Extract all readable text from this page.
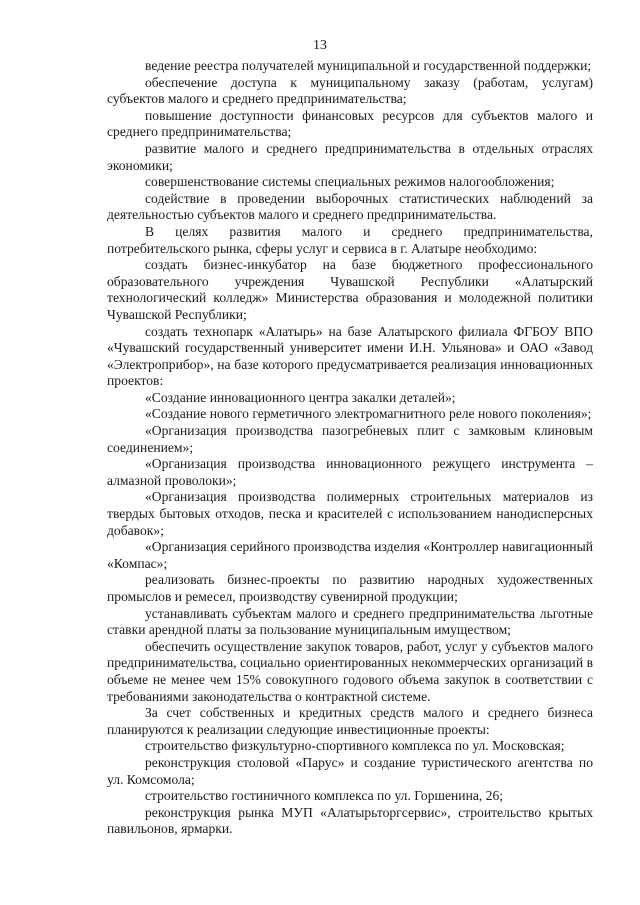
13

ведение реестра получателей муниципальной и государственной поддержки;

обеспечение доступа к муниципальному заказу (работам, услугам) субъектов малого и среднего предпринимательства;

повышение доступности финансовых ресурсов для субъектов малого и среднего предпринимательства;

развитие малого и среднего предпринимательства в отдельных отраслях экономики;

совершенствование системы специальных режимов налогообложения;

содействие в проведении выборочных статистических наблюдений за деятельностью субъектов малого и среднего предпринимательства.

В целях развития малого и среднего предпринимательства, потребительского рынка, сферы услуг и сервиса в г. Алатыре необходимо:

создать бизнес-инкубатор на базе бюджетного профессионального образовательного учреждения Чувашской Республики «Алатырский технологический колледж» Министерства образования и молодежной политики Чувашской Республики;

создать технопарк «Алатырь» на базе Алатырского филиала ФГБОУ ВПО «Чувашский государственный университет имени И.Н. Ульянова» и ОАО «Завод «Электроприбор», на базе которого предусматривается реализация инновационных проектов:

«Создание инновационного центра закалки деталей»;

«Создание нового герметичного электромагнитного реле нового поколения»;

«Организация производства пазогребневых плит с замковым клиновым соединением»;

«Организация производства инновационного режущего инструмента – алмазной проволоки»;

«Организация производства полимерных строительных материалов из твердых бытовых отходов, песка и красителей с использованием нанодисперсных добавок»;

«Организация серийного производства изделия «Контроллер навигационный «Компас»;

реализовать бизнес-проекты по развитию народных художественных промыслов и ремесел, производству сувенирной продукции;

устанавливать субъектам малого и среднего предпринимательства льготные ставки арендной платы за пользование муниципальным имуществом;

обеспечить осуществление закупок товаров, работ, услуг у субъектов малого предпринимательства, социально ориентированных некоммерческих организаций в объеме не менее чем 15% совокупного годового объема закупок в соответствии с требованиями законодательства о контрактной системе.

За счет собственных и кредитных средств малого и среднего бизнеса планируются к реализации следующие инвестиционные проекты:

строительство физкультурно-спортивного комплекса по ул. Московская;

реконструкция столовой «Парус» и создание туристического агентства по ул. Комсомола;

строительство гостиничного комплекса по ул. Горшенина, 26;

реконструкция рынка МУП «Алатырьторгсервис», строительство крытых павильонов, ярмарки.
